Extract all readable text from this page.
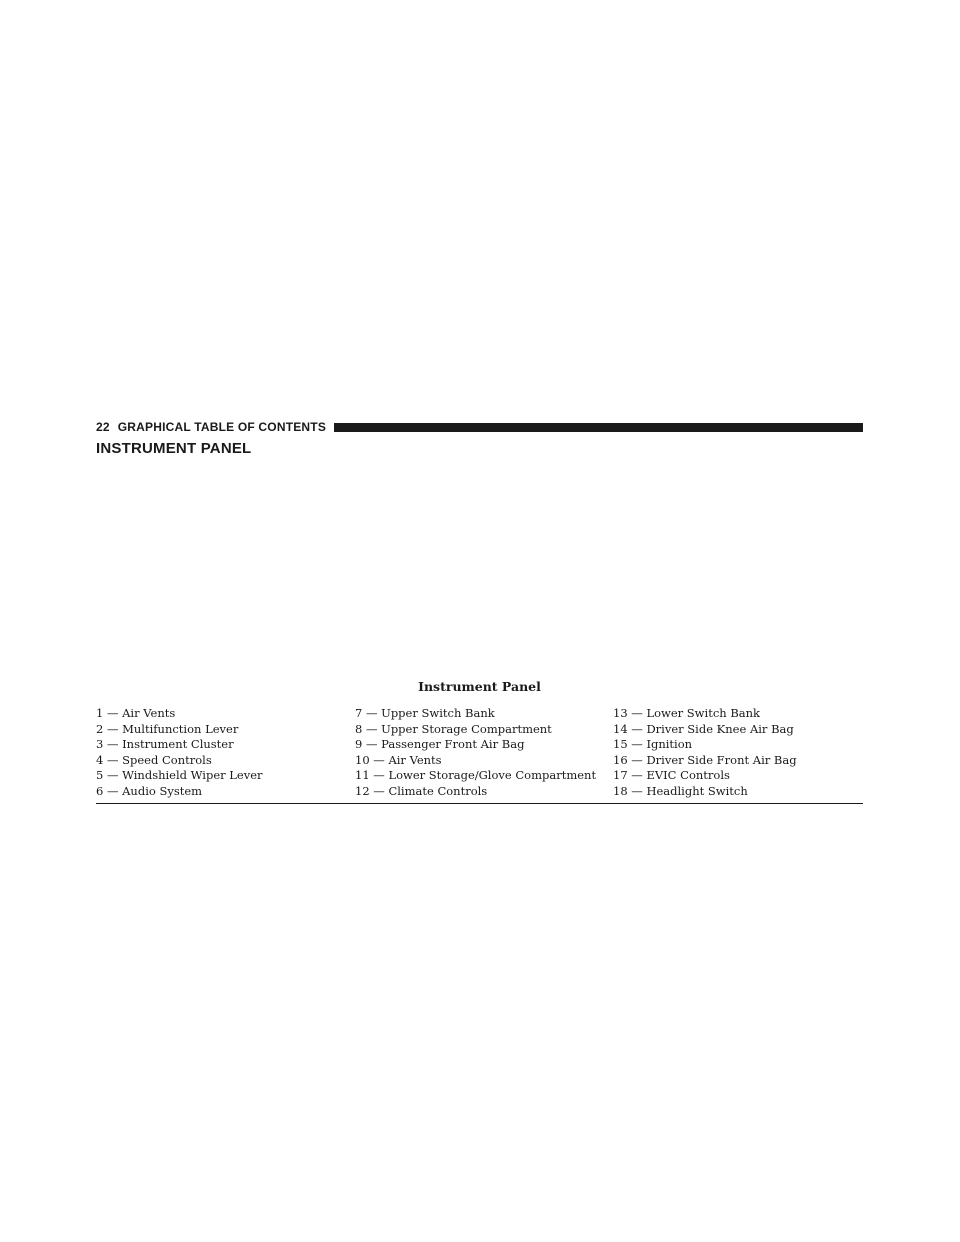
22 GRAPHICAL TABLE OF CONTENTS
INSTRUMENT PANEL
Instrument Panel
1 — Air Vents
2 — Multifunction Lever
3 — Instrument Cluster
4 — Speed Controls
5 — Windshield Wiper Lever
6 — Audio System
7 — Upper Switch Bank
8 — Upper Storage Compartment
9 — Passenger Front Air Bag
10 — Air Vents
11 — Lower Storage/Glove Compartment
12 — Climate Controls
13 — Lower Switch Bank
14 — Driver Side Knee Air Bag
15 — Ignition
16 — Driver Side Front Air Bag
17 — EVIC Controls
18 — Headlight Switch
